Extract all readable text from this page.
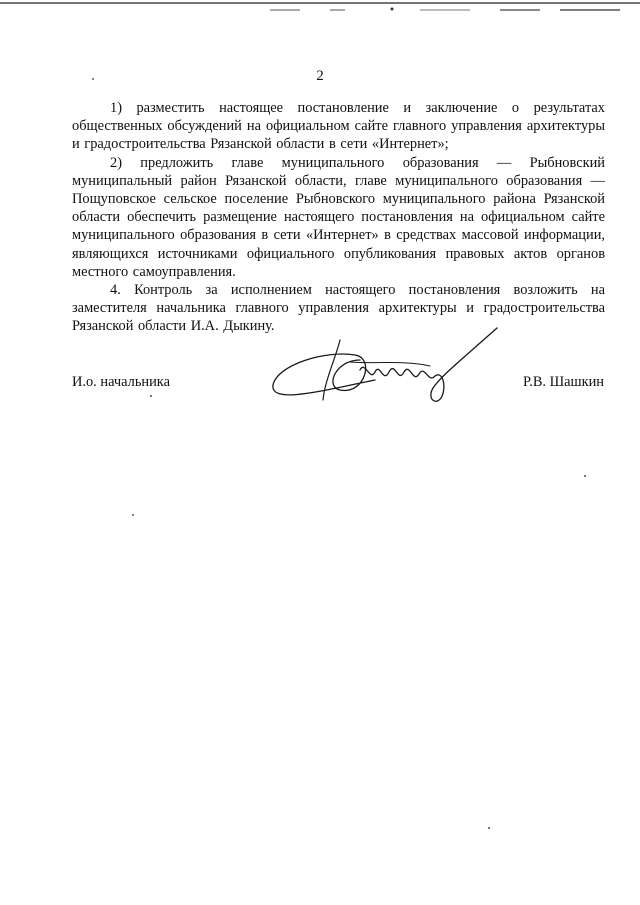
2

1) разместить настоящее постановление и заключение о результатах общественных обсуждений на официальном сайте главного управления архитектуры и градостроительства Рязанской области в сети «Интернет»;

2) предложить главе муниципального образования — Рыбновский муниципальный район Рязанской области, главе муниципального образования — Пощуповское сельское поселение Рыбновского муниципального района Рязанской области обеспечить размещение настоящего постановления на официальном сайте муниципального образования в сети «Интернет» в средствах массовой информации, являющихся источниками официального опубликования правовых актов органов местного самоуправления.

4. Контроль за исполнением настоящего постановления возложить на заместителя начальника главного управления архитектуры и градостроительства Рязанской области И.А. Дыкину.

И.о. начальника	Р.В. Шашкин
